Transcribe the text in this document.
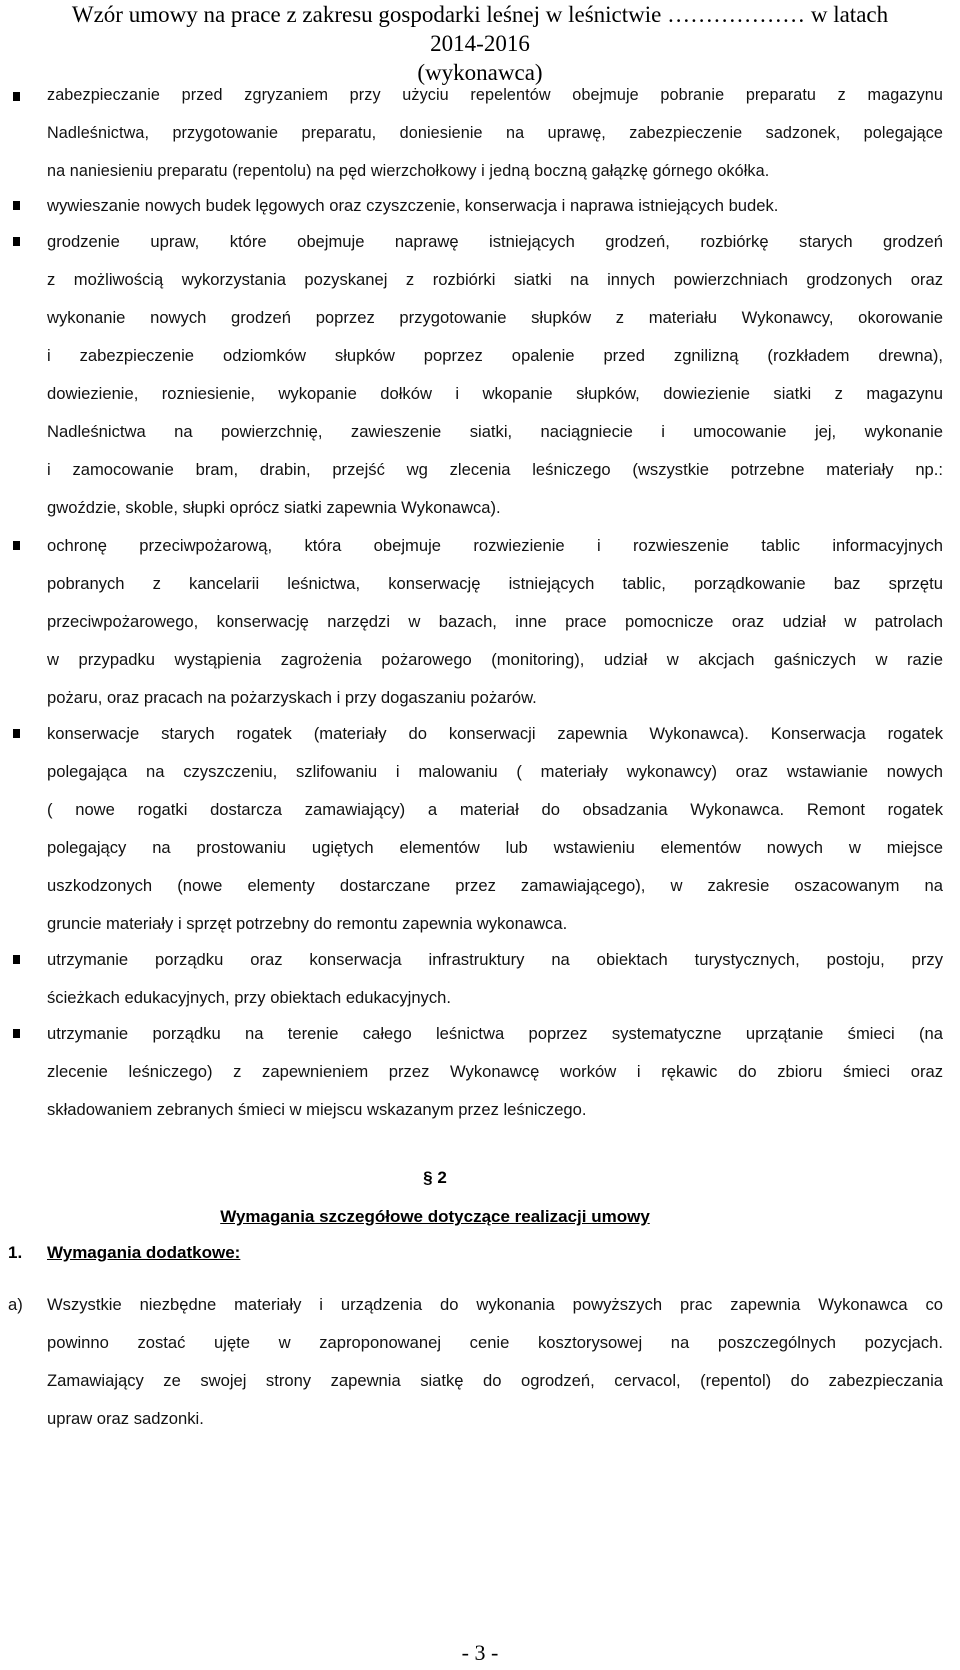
Wzór umowy na prace z zakresu gospodarki leśnej w leśnictwie ……………… w latach
2014-2016
(wykonawca)
zabezpieczanie przed zgryzaniem przy użyciu repelentów obejmuje pobranie preparatu z magazynu
Nadleśnictwa, przygotowanie preparatu, doniesienie na uprawę, zabezpieczenie sadzonek, polegające
na naniesieniu preparatu (repentolu) na pęd wierzchołkowy i jedną boczną gałązkę górnego okółka.
wywieszanie nowych budek lęgowych oraz czyszczenie, konserwacja i naprawa istniejących budek.
grodzenie upraw, które obejmuje naprawę istniejących grodzeń, rozbiórkę starych grodzeń
z możliwością wykorzystania pozyskanej z rozbiórki siatki na innych powierzchniach grodzonych oraz
wykonanie nowych grodzeń poprzez przygotowanie słupków z materiału Wykonawcy, okorowanie
i zabezpieczenie odziomków słupków poprzez opalenie przed zgnilizną (rozkładem drewna),
dowiezienie, rozniesienie, wykopanie dołków i wkopanie słupków, dowiezienie siatki z magazynu
Nadleśnictwa na powierzchnię, zawieszenie siatki, naciągniecie i umocowanie jej, wykonanie
i zamocowanie bram, drabin, przejść wg zlecenia leśniczego (wszystkie potrzebne materiały np.:
gwoździe, skoble, słupki oprócz siatki zapewnia Wykonawca).
ochronę przeciwpożarową, która obejmuje rozwiezienie i rozwieszenie tablic informacyjnych
pobranych z kancelarii leśnictwa, konserwację istniejących tablic, porządkowanie baz sprzętu
przeciwpożarowego, konserwację narzędzi w bazach, inne prace pomocnicze oraz udział w patrolach
w przypadku wystąpienia zagrożenia pożarowego (monitoring), udział w akcjach gaśniczych w razie
pożaru, oraz pracach na pożarzyskach i przy dogaszaniu pożarów.
konserwacje starych rogatek (materiały do konserwacji zapewnia Wykonawca). Konserwacja rogatek
polegająca na czyszczeniu, szlifowaniu i malowaniu ( materiały wykonawcy) oraz wstawianie nowych
( nowe rogatki dostarcza zamawiający) a materiał do obsadzania Wykonawca. Remont rogatek
polegający na prostowaniu ugiętych elementów lub wstawieniu elementów nowych w miejsce
uszkodzonych (nowe elementy dostarczane przez zamawiającego), w zakresie oszacowanym na
gruncie materiały i sprzęt potrzebny do remontu zapewnia wykonawca.
utrzymanie porządku oraz konserwacja infrastruktury na obiektach turystycznych, postoju, przy
ścieżkach edukacyjnych, przy obiektach edukacyjnych.
utrzymanie porządku na terenie całego leśnictwa poprzez systematyczne uprzątanie śmieci (na
zlecenie leśniczego) z zapewnieniem przez Wykonawcę worków i rękawic do zbioru śmieci oraz
składowaniem zebranych śmieci w miejscu wskazanym przez leśniczego.
§ 2
Wymagania szczegółowe dotyczące realizacji umowy
1. Wymagania dodatkowe:
a)	Wszystkie niezbędne materiały i urządzenia do wykonania powyższych prac zapewnia Wykonawca co
powinno zostać ujęte w zaproponowanej cenie kosztorysowej na poszczególnych pozycjach.
Zamawiający ze swojej strony zapewnia siatkę do ogrodzeń, cervacol, (repentol) do zabezpieczania
upraw oraz sadzonki.
- 3 -
